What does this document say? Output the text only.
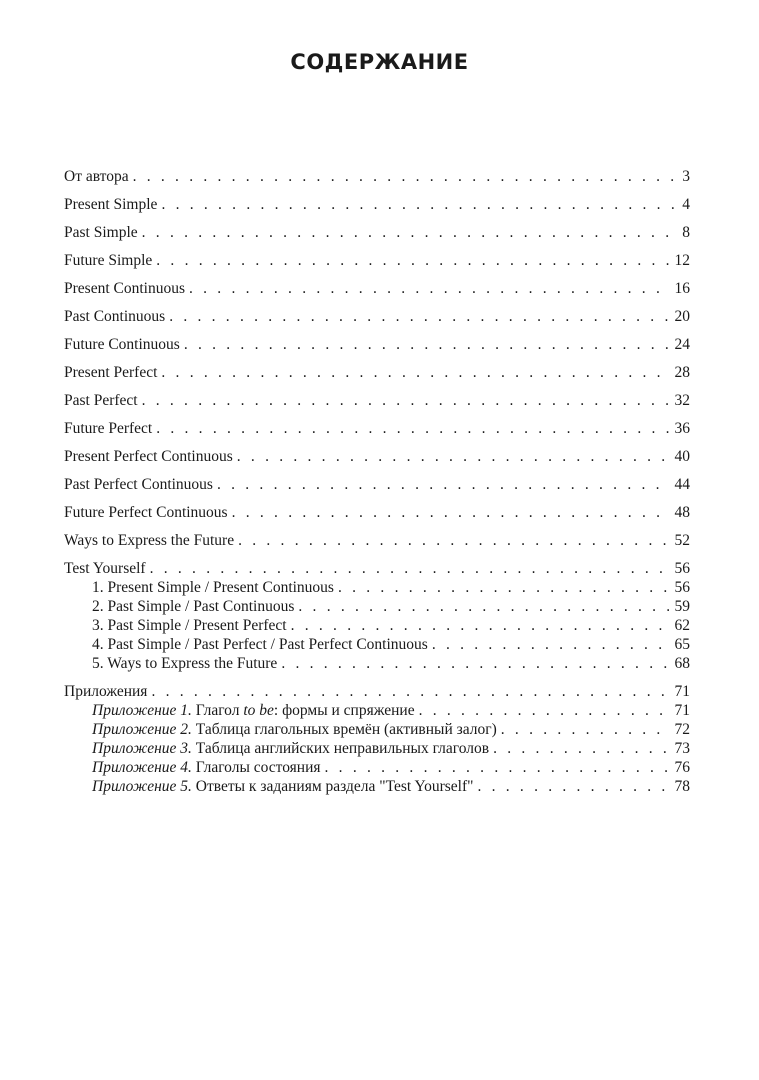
СОДЕРЖАНИЕ
От автора . . .	3
Present Simple . . .	4
Past Simple . . .	8
Future Simple . . .	12
Present Continuous . . .	16
Past Continuous . . .	20
Future Continuous . . .	24
Present Perfect . . .	28
Past Perfect . . .	32
Future Perfect . . .	36
Present Perfect Continuous . . .	40
Past Perfect Continuous . . .	44
Future Perfect Continuous . . .	48
Ways to Express the Future . . .	52
Test Yourself . . .	56
1. Present Simple / Present Continuous . . .	56
2. Past Simple / Past Continuous . . .	59
3. Past Simple / Present Perfect . . .	62
4. Past Simple / Past Perfect / Past Perfect Continuous . . .	65
5. Ways to Express the Future . . .	68
Приложения . . .	71
Приложение 1. Глагол to be: формы и спряжение . . .	71
Приложение 2. Таблица глагольных времён (активный залог) . . .	72
Приложение 3. Таблица английских неправильных глаголов . . .	73
Приложение 4. Глаголы состояния . . .	76
Приложение 5. Ответы к заданиям раздела "Test Yourself" . . .	78
